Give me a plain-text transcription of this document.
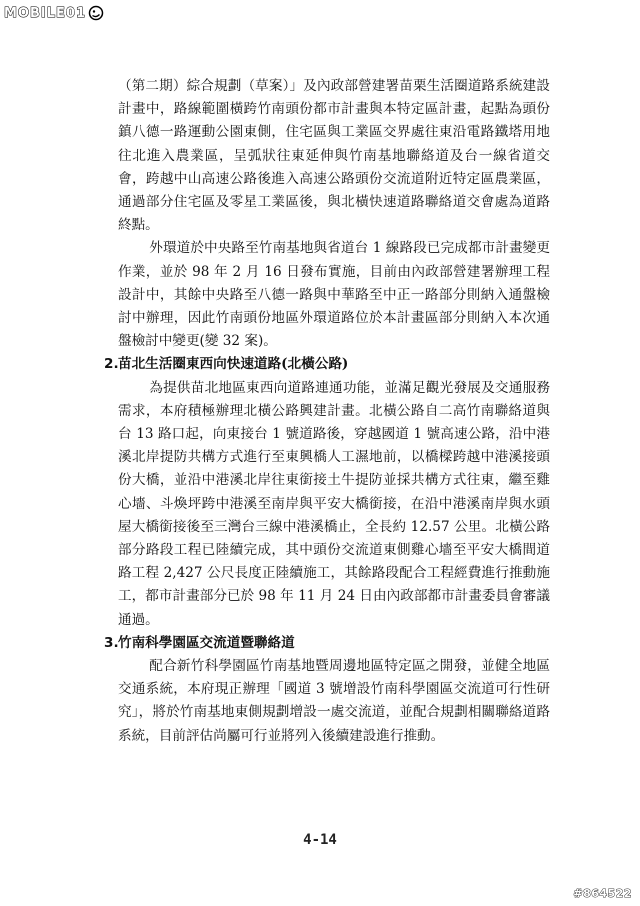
MOBILE01

（第二期）綜合規劃（草案）」及內政部營建署苗栗生活圈道路系統建設計畫中，路線範圍橫跨竹南頭份都市計畫與本特定區計畫，起點為頭份鎮八德一路運動公園東側，住宅區與工業區交界處往東沿電路鐵塔用地往北進入農業區，呈弧狀往東延伸與竹南基地聯絡道及台一線省道交會，跨越中山高速公路後進入高速公路頭份交流道附近特定區農業區，通過部分住宅區及零星工業區後，與北橫快速道路聯絡道交會處為道路終點。

外環道於中央路至竹南基地與省道台 1 線路段已完成都市計畫變更作業，並於 98 年 2 月 16 日發布實施，目前由內政部營建署辦理工程設計中，其餘中央路至八德一路與中華路至中正一路部分則納入通盤檢討中辦理，因此竹南頭份地區外環道路位於本計畫區部分則納入本次通盤檢討中變更(變 32 案)。

2. 苗北生活圈東西向快速道路(北橫公路)

為提供苗北地區東西向道路連通功能，並滿足觀光發展及交通服務需求，本府積極辦理北橫公路興建計畫。北橫公路自二高竹南聯絡道與台 13 路口起，向東接台 1 號道路後，穿越國道 1 號高速公路，沿中港溪北岸提防共構方式進行至東興橋人工濕地前，以橋樑跨越中港溪接頭份大橋，並沿中港溪北岸往東銜接土牛提防並採共構方式往東，繼至雞心墻、斗煥坪跨中港溪至南岸與平安大橋銜接，在沿中港溪南岸與水頭屋大橋銜接後至三灣台三線中港溪橋止，全長約 12.57 公里。北橫公路部分路段工程已陸續完成，其中頭份交流道東側雞心墻至平安大橋間道路工程 2,427 公尺長度正陸續施工，其餘路段配合工程經費進行推動施工，都市計畫部分已於 98 年 11 月 24 日由內政部都市計畫委員會審議通過。

3. 竹南科學園區交流道暨聯絡道

配合新竹科學園區竹南基地暨周邊地區特定區之開發，並健全地區交通系統，本府現正辦理「國道 3 號增設竹南科學園區交流道可行性研究」，將於竹南基地東側規劃增設一處交流道，並配合規劃相關聯絡道路系統，目前評估尚屬可行並將列入後續建設進行推動。

4-14
#864522
